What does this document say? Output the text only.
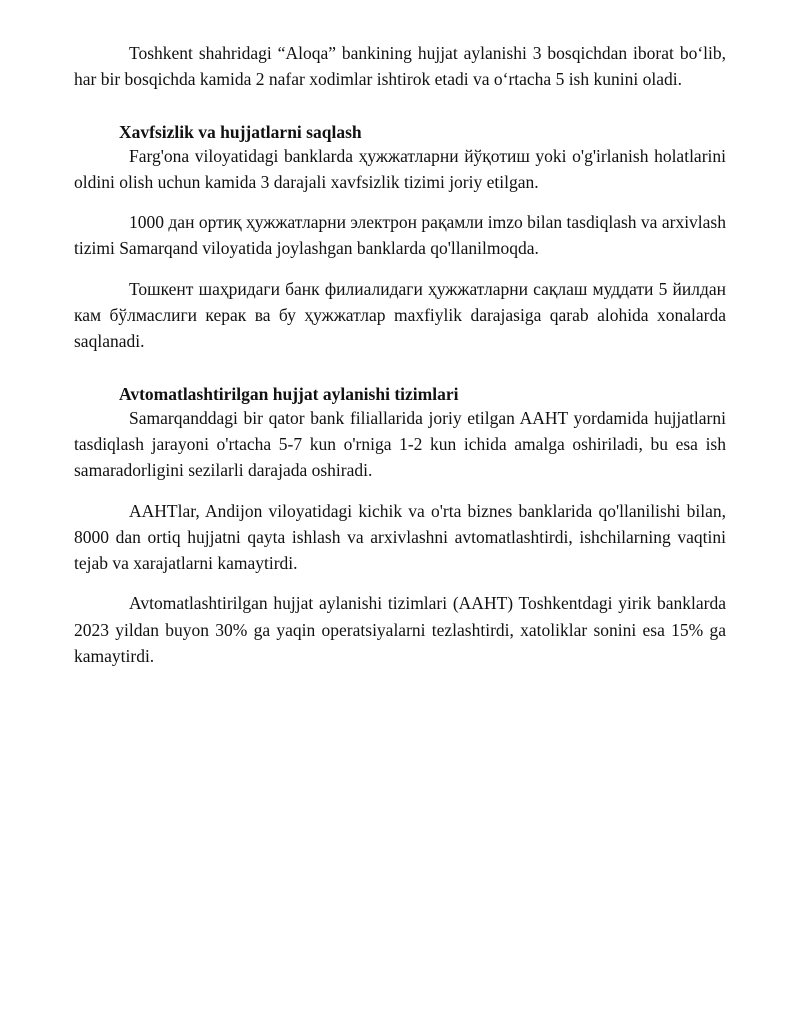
Toshkent shahridagi “Aloqa” bankining hujjat aylanishi 3 bosqichdan iborat bo‘lib, har bir bosqichda kamida 2 nafar xodimlar ishtirok etadi va o‘rtacha 5 ish kunini oladi.

Xavfsizlik va hujjatlarni saqlash

Farg'ona viloyatidagi banklarda ҳужжатларни йўқотиш yoki o'g'irlanish holatlarini oldini olish uchun kamida 3 darajali xavfsizlik tizimi joriy etilgan.

1000 дан ортиқ ҳужжатларни электрон рақамли imzo bilan tasdiqlash va arxivlash tizimi Samarqand viloyatida joylashgan banklarda qo'llanilmoqda.

Тошкент шаҳридаги банк филиалидаги ҳужжатларни сақлаш муддати 5 йилдан кам бўлмаслиги керак ва бу ҳужжатлар maxfiylik darajasiga qarab alohida xonalarda saqlanadi.

Avtomatlashtirilgan hujjat aylanishi tizimlari

Samarqanddagi bir qator bank filiallarida joriy etilgan AAHT yordamida hujjatlarni tasdiqlash jarayoni o'rtacha 5-7 kun o'rniga 1-2 kun ichida amalga oshiriladi, bu esa ish samaradorligini sezilarli darajada oshiradi.

AAHTlar, Andijon viloyatidagi kichik va o'rta biznes banklarida qo'llanilishi bilan, 8000 dan ortiq hujjatni qayta ishlash va arxivlashni avtomatlashtirdi, ishchilarning vaqtini tejab va xarajatlarni kamaytirdi.

Avtomatlashtirilgan hujjat aylanishi tizimlari (AAHT) Toshkentdagi yirik banklarda 2023 yildan buyon 30% ga yaqin operatsiyalarni tezlashtirdi, xatoliklar sonini esa 15% ga kamaytirdi.
